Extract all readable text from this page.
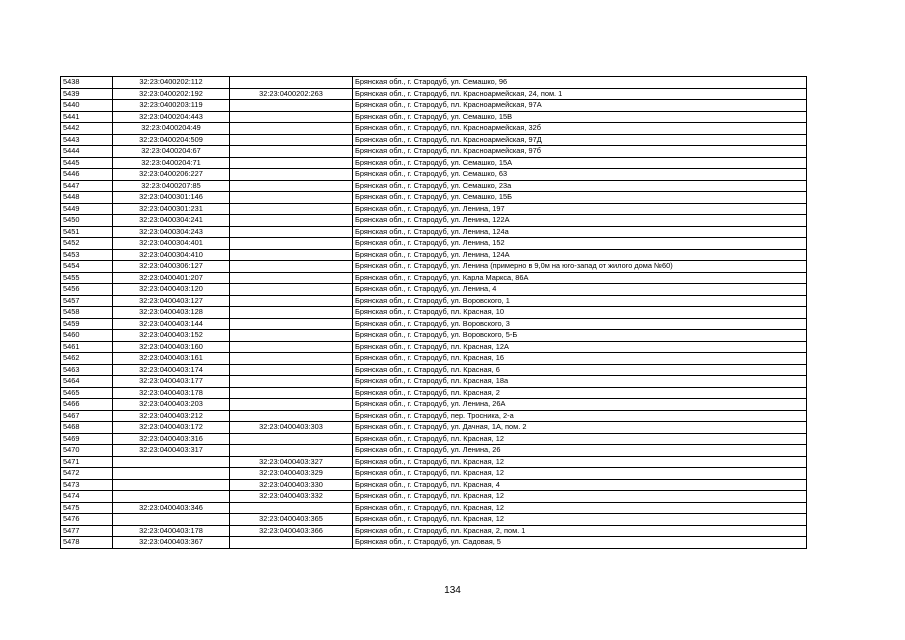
5438	32:23:0400202:112		Брянская обл., г. Стародуб, ул. Семашко, 96
5439	32:23:0400202:192	32:23:0400202:263	Брянская обл., г. Стародуб, пл. Красноармейская, 24, пом. 1
5440	32:23:0400203:119		Брянская обл., г. Стародуб, пл. Красноармейская, 97А
5441	32:23:0400204:443		Брянская обл., г. Стародуб, ул. Семашко, 15В
5442	32:23:0400204:49		Брянская обл., г. Стародуб, пл. Красноармейская, 32б
5443	32:23:0400204:509		Брянская обл., г. Стародуб, пл. Красноармейская, 97Д
5444	32:23:0400204:67		Брянская обл., г. Стародуб, пл. Красноармейская, 97б
5445	32:23:0400204:71		Брянская обл., г. Стародуб, ул. Семашко, 15А
5446	32:23:0400206:227		Брянская обл., г. Стародуб, ул. Семашко, 63
5447	32:23:0400207:85		Брянская обл., г. Стародуб, ул. Семашко, 23а
5448	32:23:0400301:146		Брянская обл., г. Стародуб, ул. Семашко, 15Б
5449	32:23:0400301:231		Брянская обл., г. Стародуб, ул. Ленина, 197
5450	32:23:0400304:241		Брянская обл., г. Стародуб, ул. Ленина, 122А
5451	32:23:0400304:243		Брянская обл., г. Стародуб, ул. Ленина, 124а
5452	32:23:0400304:401		Брянская обл., г. Стародуб, ул. Ленина, 152
5453	32:23:0400304:410		Брянская обл., г. Стародуб, ул. Ленина, 124А
5454	32:23:0400306:127		Брянская обл., г. Стародуб, ул. Ленина (примерно в 9,0м на юго-запад от жилого дома №60)
5455	32:23:0400401:207		Брянская обл., г. Стародуб, ул. Карла Маркса, 86А
5456	32:23:0400403:120		Брянская обл., г. Стародуб, ул. Ленина, 4
5457	32:23:0400403:127		Брянская обл., г. Стародуб, ул. Воровского, 1
5458	32:23:0400403:128		Брянская обл., г. Стародуб, пл. Красная, 10
5459	32:23:0400403:144		Брянская обл., г. Стародуб, ул. Воровского, 3
5460	32:23:0400403:152		Брянская обл., г. Стародуб, ул. Воровского, 5-Б
5461	32:23:0400403:160		Брянская обл., г. Стародуб, пл. Красная, 12А
5462	32:23:0400403:161		Брянская обл., г. Стародуб, пл. Красная, 16
5463	32:23:0400403:174		Брянская обл., г. Стародуб, пл. Красная, 6
5464	32:23:0400403:177		Брянская обл., г. Стародуб, пл. Красная, 18а
5465	32:23:0400403:178		Брянская обл., г. Стародуб, пл. Красная, 2
5466	32:23:0400403:203		Брянская обл., г. Стародуб, ул. Ленина, 26А
5467	32:23:0400403:212		Брянская обл., г. Стародуб, пер. Тросника, 2-а
5468	32:23:0400403:172	32:23:0400403:303	Брянская обл., г. Стародуб, ул. Дачная, 1А, пом. 2
5469	32:23:0400403:316		Брянская обл., г. Стародуб, пл. Красная, 12
5470	32:23:0400403:317		Брянская обл., г. Стародуб, ул. Ленина, 26
5471		32:23:0400403:327	Брянская обл., г. Стародуб, пл. Красная, 12
5472		32:23:0400403:329	Брянская обл., г. Стародуб, пл. Красная, 12
5473		32:23:0400403:330	Брянская обл., г. Стародуб, пл. Красная, 4
5474		32:23:0400403:332	Брянская обл., г. Стародуб, пл. Красная, 12
5475	32:23:0400403:346		Брянская обл., г. Стародуб, пл. Красная, 12
5476		32:23:0400403:365	Брянская обл., г. Стародуб, пл. Красная, 12
5477	32:23:0400403:178	32:23:0400403:366	Брянская обл., г. Стародуб, пл. Красная, 2, пом. 1
5478	32:23:0400403:367		Брянская обл., г. Стародуб, ул. Садовая, 5
134
